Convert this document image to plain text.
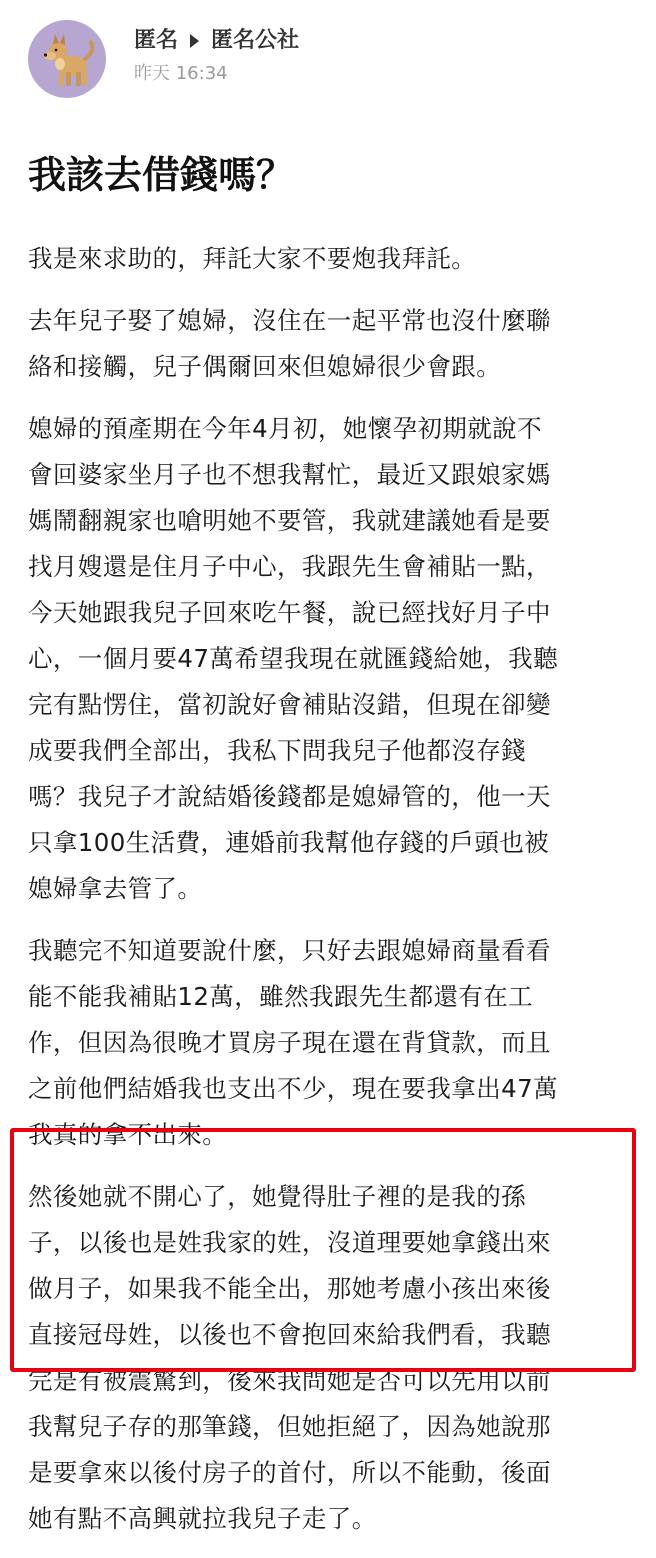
匿名 匿名公社
昨天 16:34
我該去借錢嗎？

我是來求助的，拜託大家不要炮我拜託。

去年兒子娶了媳婦，沒住在一起平常也沒什麼聯
絡和接觸，兒子偶爾回來但媳婦很少會跟。

媳婦的預產期在今年4月初，她懷孕初期就說不
會回婆家坐月子也不想我幫忙，最近又跟娘家媽
媽鬧翻親家也嗆明她不要管，我就建議她看是要
找月嫂還是住月子中心，我跟先生會補貼一點，
今天她跟我兒子回來吃午餐，說已經找好月子中
心，一個月要47萬希望我現在就匯錢給她，我聽
完有點愣住，當初說好會補貼沒錯，但現在卻變
成要我們全部出，我私下問我兒子他都沒存錢
嗎？我兒子才說結婚後錢都是媳婦管的，他一天
只拿100生活費，連婚前我幫他存錢的戶頭也被
媳婦拿去管了。

我聽完不知道要說什麼，只好去跟媳婦商量看看
能不能我補貼12萬，雖然我跟先生都還有在工
作，但因為很晚才買房子現在還在背貸款，而且
之前他們結婚我也支出不少，現在要我拿出47萬
我真的拿不出來。

然後她就不開心了，她覺得肚子裡的是我的孫
子，以後也是姓我家的姓，沒道理要她拿錢出來
做月子，如果我不能全出，那她考慮小孩出來後
直接冠母姓，以後也不會抱回來給我們看，我聽
完是有被震驚到，後來我問她是否可以先用以前
我幫兒子存的那筆錢，但她拒絕了，因為她說那
是要拿來以後付房子的首付，所以不能動，後面
她有點不高興就拉我兒子走了。
